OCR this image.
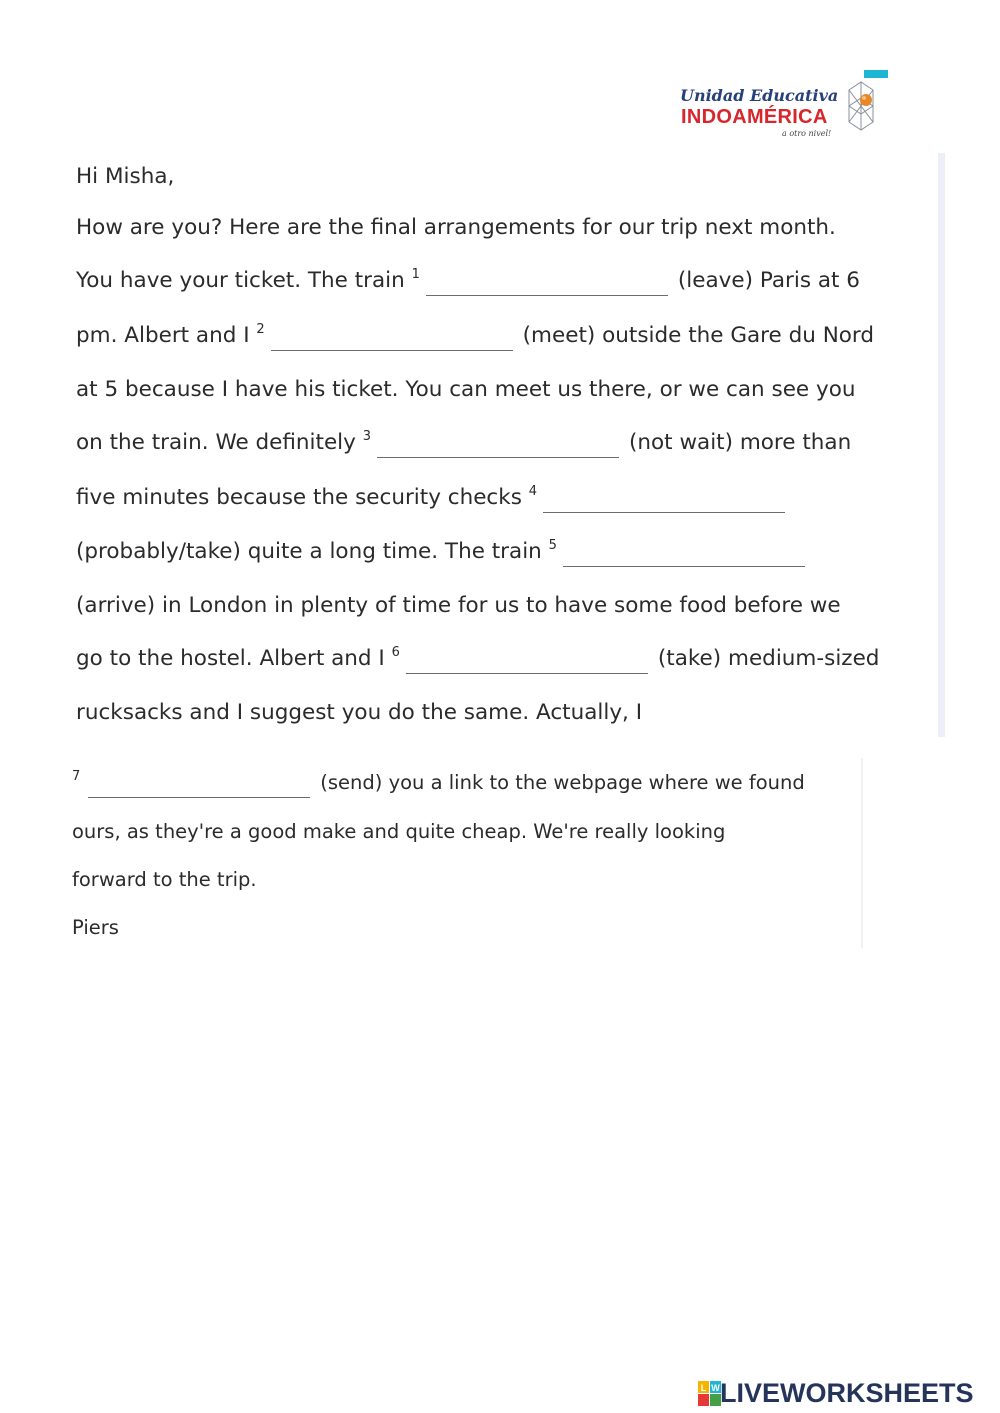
Unidad Educativa
INDOAMÉRICA
a otro nivel!
Hi Misha,
How are you? Here are the final arrangements for our trip next month.
You have your ticket. The train $^1$	(leave) Paris at 6
pm. Albert and I $^2$	(meet) outside the Gare du Nord
at 5 because I have his ticket. You can meet us there, or we can see you
on the train. We definitely $^3$	(not wait) more than
five minutes because the security checks $^4$
(probably/take) quite a long time. The train $^5$
(arrive) in London in plenty of time for us to have some food before we
go to the hostel. Albert and I $^6$	(take) medium-sized
rucksacks and I suggest you do the same. Actually, I
$^7$	(send) you a link to the webpage where we found
ours, as they're a good make and quite cheap. We're really looking
forward to the trip.
Piers
L W LIVEWORKSHEETS
